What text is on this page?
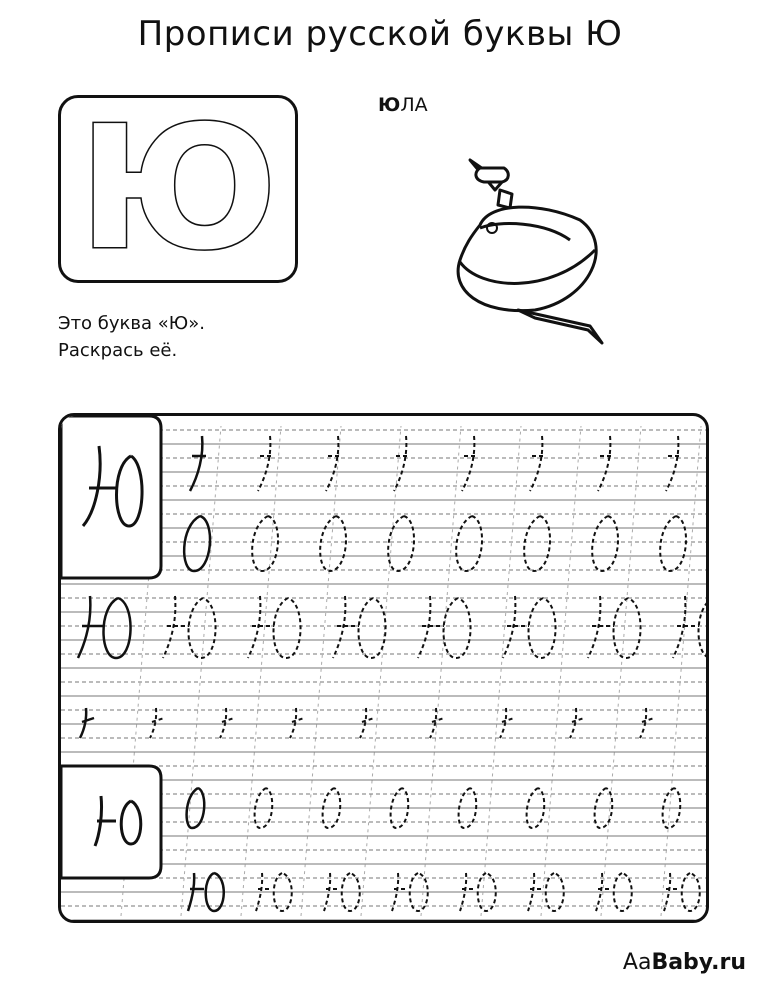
Прописи русской буквы Ю
Ю	ЮЛА
Это буква «Ю».
Раскрась её.
AaBaby.ru
